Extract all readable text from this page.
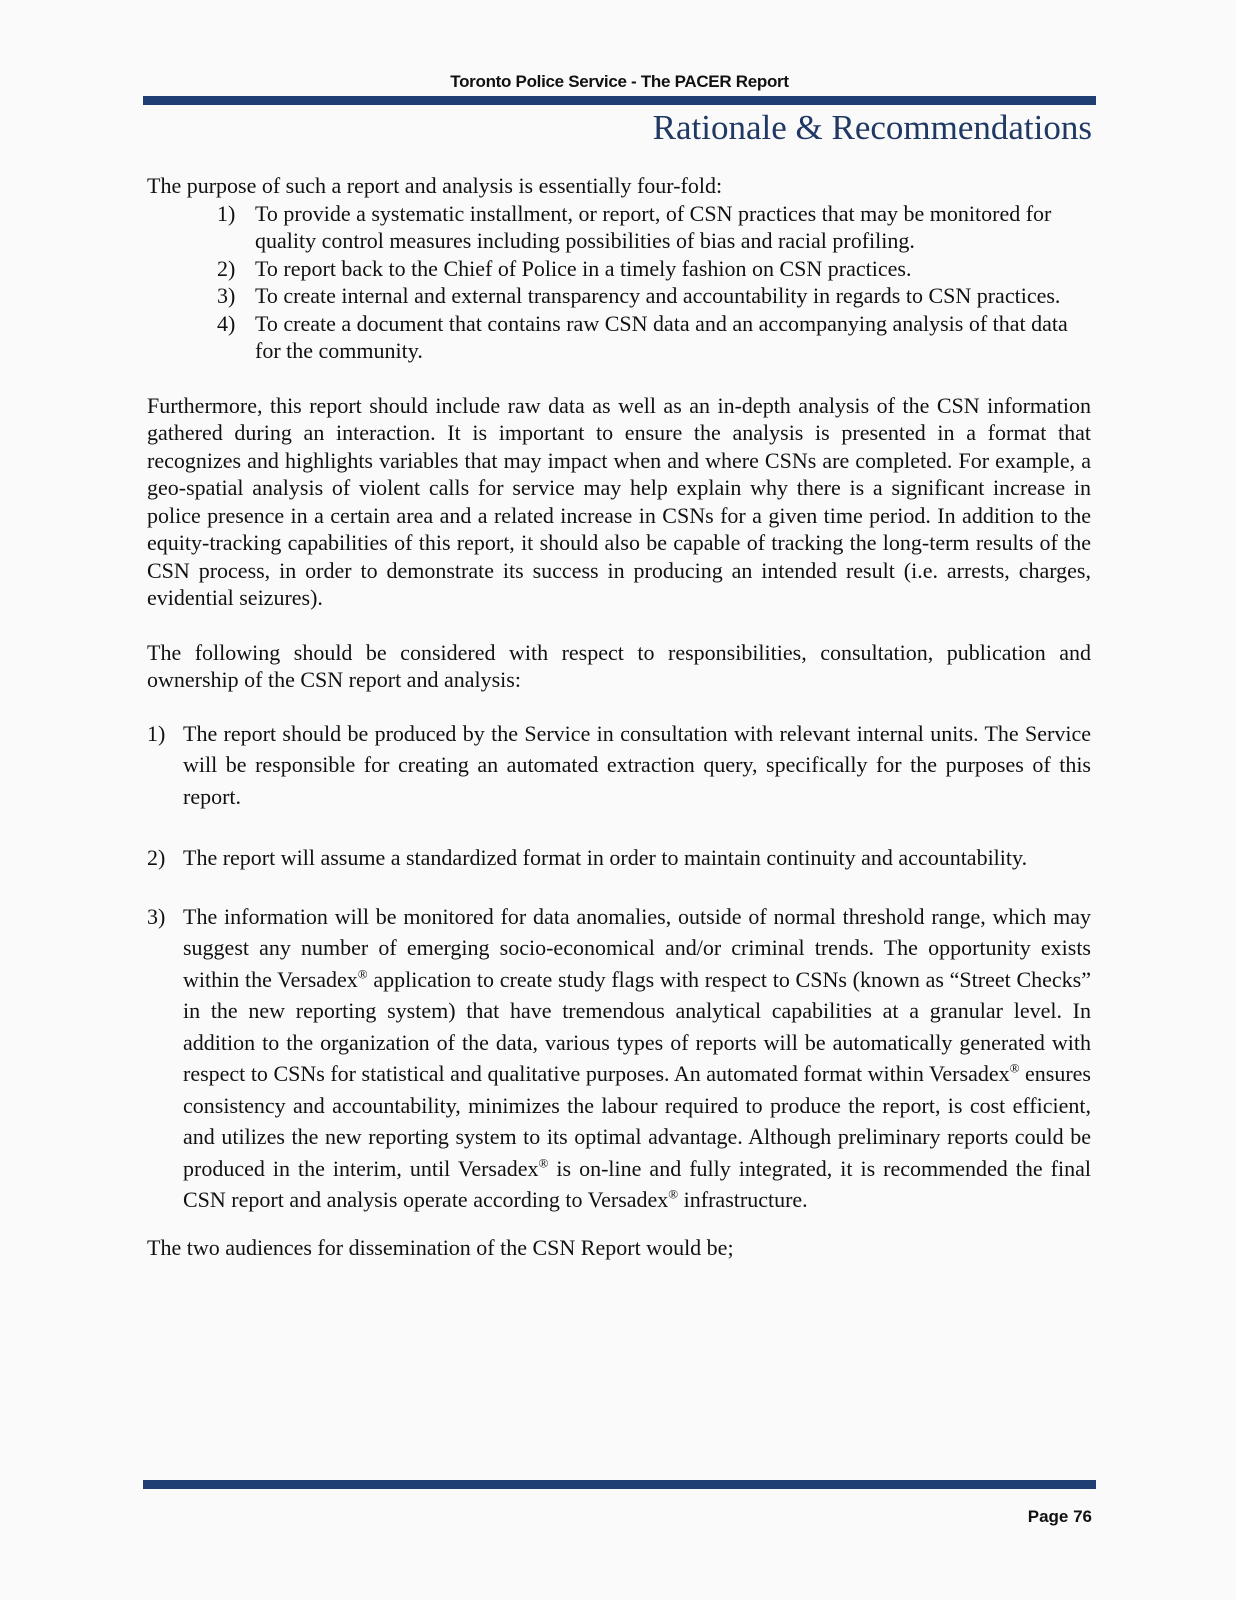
Toronto Police Service - The PACER Report
Rationale & Recommendations

The purpose of such a report and analysis is essentially four-fold:

1) To provide a systematic installment, or report, of CSN practices that may be monitored for quality control measures including possibilities of bias and racial profiling.
2) To report back to the Chief of Police in a timely fashion on CSN practices.
3) To create internal and external transparency and accountability in regards to CSN practices.
4) To create a document that contains raw CSN data and an accompanying analysis of that data for the community.

Furthermore, this report should include raw data as well as an in-depth analysis of the CSN information gathered during an interaction. It is important to ensure the analysis is presented in a format that recognizes and highlights variables that may impact when and where CSNs are completed. For example, a geo-spatial analysis of violent calls for service may help explain why there is a significant increase in police presence in a certain area and a related increase in CSNs for a given time period. In addition to the equity-tracking capabilities of this report, it should also be capable of tracking the long-term results of the CSN process, in order to demonstrate its success in producing an intended result (i.e. arrests, charges, evidential seizures).

The following should be considered with respect to responsibilities, consultation, publication and ownership of the CSN report and analysis:

1) The report should be produced by the Service in consultation with relevant internal units. The Service will be responsible for creating an automated extraction query, specifically for the purposes of this report.
2) The report will assume a standardized format in order to maintain continuity and accountability.
3) The information will be monitored for data anomalies, outside of normal threshold range, which may suggest any number of emerging socio-economical and/or criminal trends. The opportunity exists within the Versadex® application to create study flags with respect to CSNs (known as “Street Checks” in the new reporting system) that have tremendous analytical capabilities at a granular level. In addition to the organization of the data, various types of reports will be automatically generated with respect to CSNs for statistical and qualitative purposes. An automated format within Versadex® ensures consistency and accountability, minimizes the labour required to produce the report, is cost efficient, and utilizes the new reporting system to its optimal advantage. Although preliminary reports could be produced in the interim, until Versadex® is on-line and fully integrated, it is recommended the final CSN report and analysis operate according to Versadex® infrastructure.

The two audiences for dissemination of the CSN Report would be;

Page 76
